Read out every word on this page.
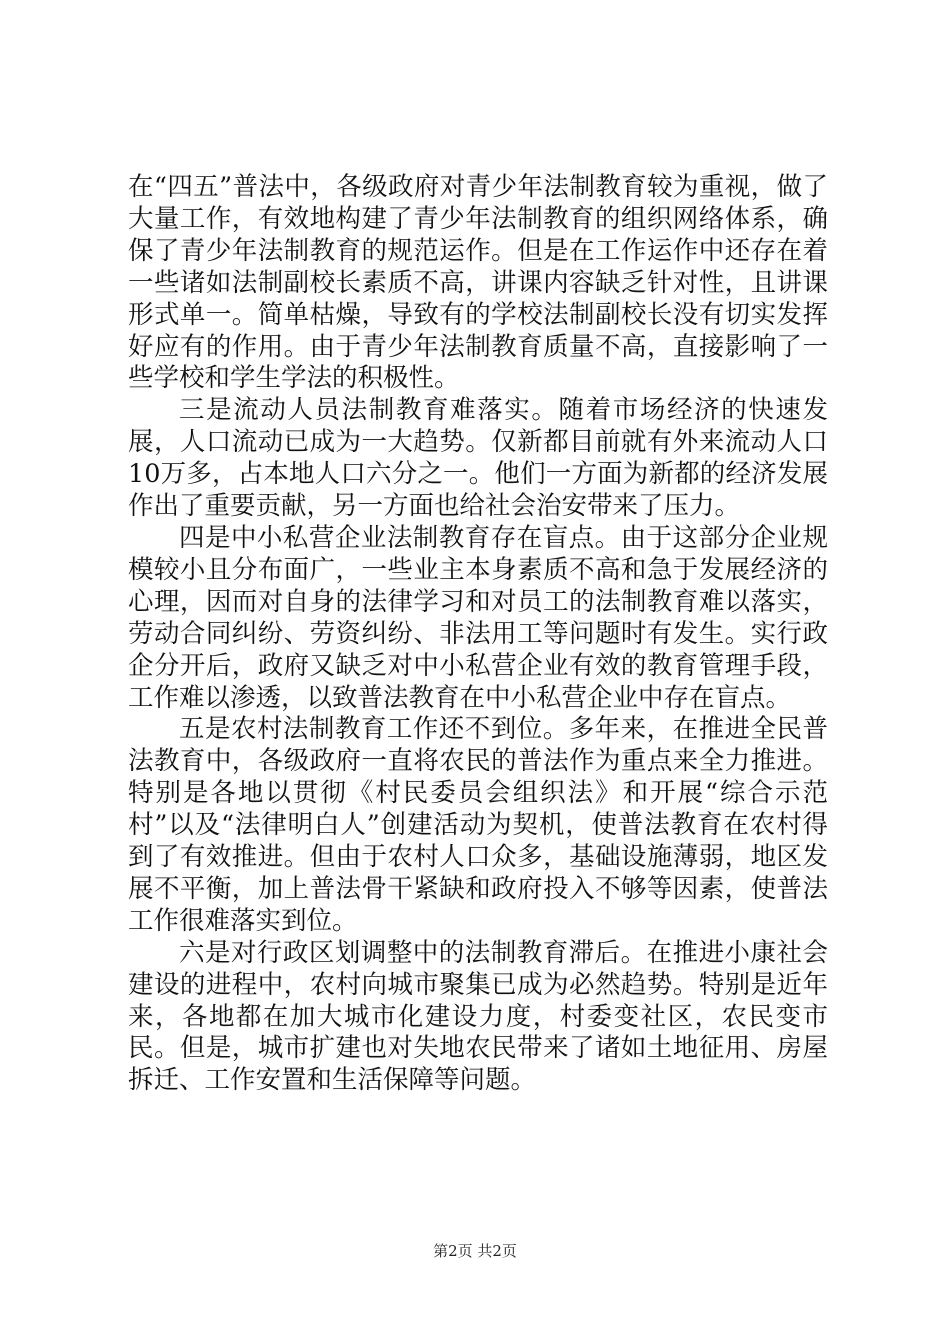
在“四五”普法中，各级政府对青少年法制教育较为重视，做了大量工作，有效地构建了青少年法制教育的组织网络体系，确保了青少年法制教育的规范运作。但是在工作运作中还存在着一些诸如法制副校长素质不高，讲课内容缺乏针对性，且讲课形式单一。简单枯燥，导致有的学校法制副校长没有切实发挥好应有的作用。由于青少年法制教育质量不高，直接影响了一些学校和学生学法的积极性。

三是流动人员法制教育难落实。随着市场经济的快速发展，人口流动已成为一大趋势。仅新都目前就有外来流动人口10万多，占本地人口六分之一。他们一方面为新都的经济发展作出了重要贡献，另一方面也给社会治安带来了压力。

四是中小私营企业法制教育存在盲点。由于这部分企业规模较小且分布面广，一些业主本身素质不高和急于发展经济的心理，因而对自身的法律学习和对员工的法制教育难以落实，劳动合同纠纷、劳资纠纷、非法用工等问题时有发生。实行政企分开后，政府又缺乏对中小私营企业有效的教育管理手段，工作难以渗透，以致普法教育在中小私营企业中存在盲点。

五是农村法制教育工作还不到位。多年来，在推进全民普法教育中，各级政府一直将农民的普法作为重点来全力推进。特别是各地以贯彻《村民委员会组织法》和开展“综合示范村”以及“法律明白人”创建活动为契机，使普法教育在农村得到了有效推进。但由于农村人口众多，基础设施薄弱，地区发展不平衡，加上普法骨干紧缺和政府投入不够等因素，使普法工作很难落实到位。

六是对行政区划调整中的法制教育滞后。在推进小康社会建设的进程中，农村向城市聚集已成为必然趋势。特别是近年来，各地都在加大城市化建设力度，村委变社区，农民变市民。但是，城市扩建也对失地农民带来了诸如土地征用、房屋拆迁、工作安置和生活保障等问题。

第2页 共2页
